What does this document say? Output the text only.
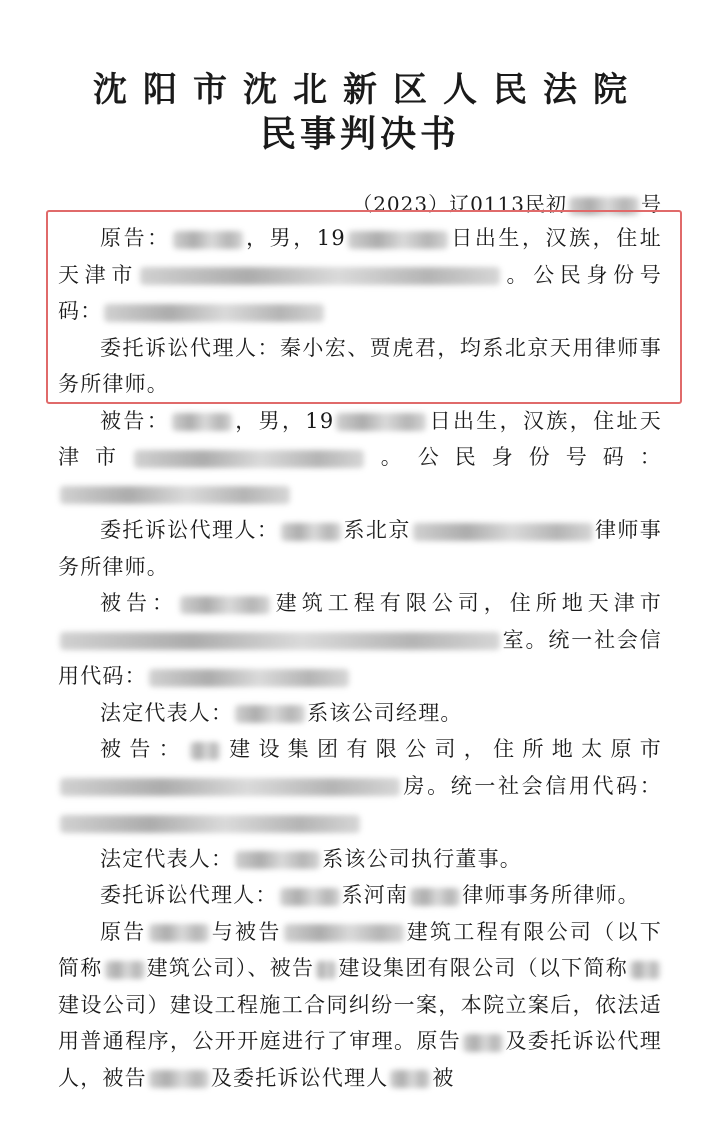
沈阳市沈北新区人民法院
民事判决书
（2023）辽0113民初	号

原告：	，男，19	日出生，汉族，住址天津市	。公民身份号码：

委托诉讼代理人：秦小宏、贾虎君，均系北京天用律师事务所律师。

被告：	，男，19	日出生，汉族，住址天津市	。公民身份号码：

委托诉讼代理人：	系北京	律师事务所律师。

被告：	建筑工程有限公司，住所地天津市室。统一社会信用代码：

法定代表人：	系该公司经理。

被告： 建设集团有限公司，住所地太原市房。统一社会信用代码：

法定代表人：	系该公司执行董事。

委托诉讼代理人：	系河南	律师事务所律师。

原告	与被告	建筑工程有限公司（以下简称 建筑公司）、被告 建设集团有限公司（以下简称建设公司）建设工程施工合同纠纷一案，本院立案后，依法适用普通程序，公开开庭进行了审理。原告 及委托诉讼代理人，被告	及委托诉讼代理人 被
